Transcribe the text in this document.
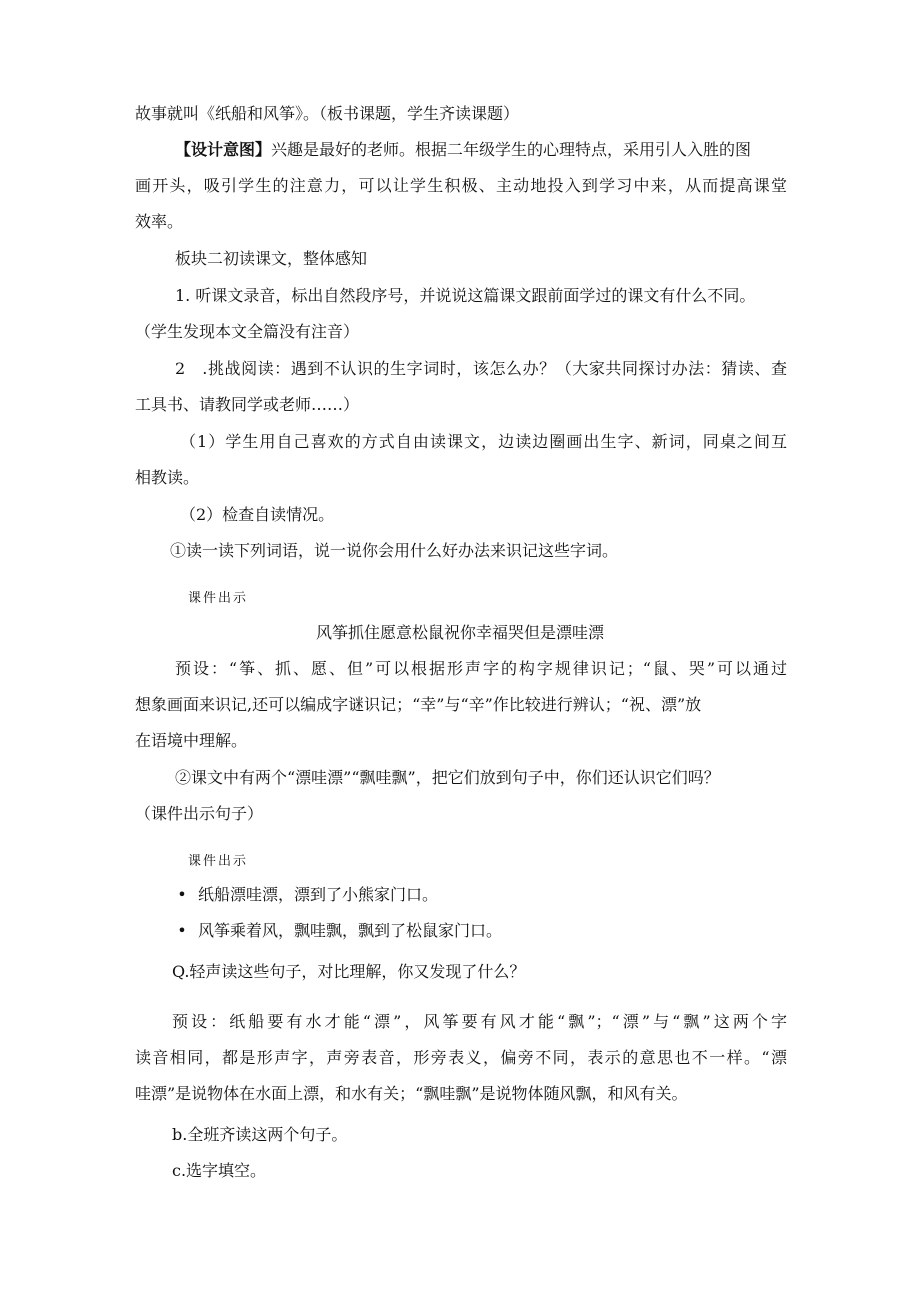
故事就叫《纸船和风筝》。（板书课题，学生齐读课题）
【设计意图】兴趣是最好的老师。根据二年级学生的心理特点，采用引人入胜的图
画开头，吸引学生的注意力，可以让学生积极、主动地投入到学习中来，从而提高课堂
效率。
板块二初读课文，整体感知
1. 听课文录音，标出自然段序号，并说说这篇课文跟前面学过的课文有什么不同。
（学生发现本文全篇没有注音）
2　.挑战阅读：遇到不认识的生字词时，该怎么办？（大家共同探讨办法：猜读、查
工具书、请教同学或老师……）
（1）学生用自己喜欢的方式自由读课文，边读边圈画出生字、新词，同桌之间互
相教读。
（2）检查自读情况。
①读一读下列词语，说一说你会用什么好办法来识记这些字词。
课件出示
风筝抓住愿意松鼠祝你幸福哭但是漂哇漂
预设：“筝、抓、愿、但”可以根据形声字的构字规律识记；“鼠、哭”可以通过
想象画面来识记,还可以编成字谜识记；“幸”与“辛”作比较进行辨认；“祝、漂”放
在语境中理解。
②课文中有两个“漂哇漂”“飘哇飘”，把它们放到句子中，你们还认识它们吗？
（课件出示句子）
课件出示
• 纸船漂哇漂，漂到了小熊家门口。
• 风筝乘着风，飘哇飘，飘到了松鼠家门口。
Q.轻声读这些句子，对比理解，你又发现了什么？
预设：纸船要有水才能“漂”，风筝要有风才能“飘”；“漂”与“飘”这两个字
读音相同，都是形声字，声旁表音，形旁表义，偏旁不同，表示的意思也不一样。“漂
哇漂”是说物体在水面上漂，和水有关；“飘哇飘”是说物体随风飘，和风有关。
b.全班齐读这两个句子。
c.选字填空。
